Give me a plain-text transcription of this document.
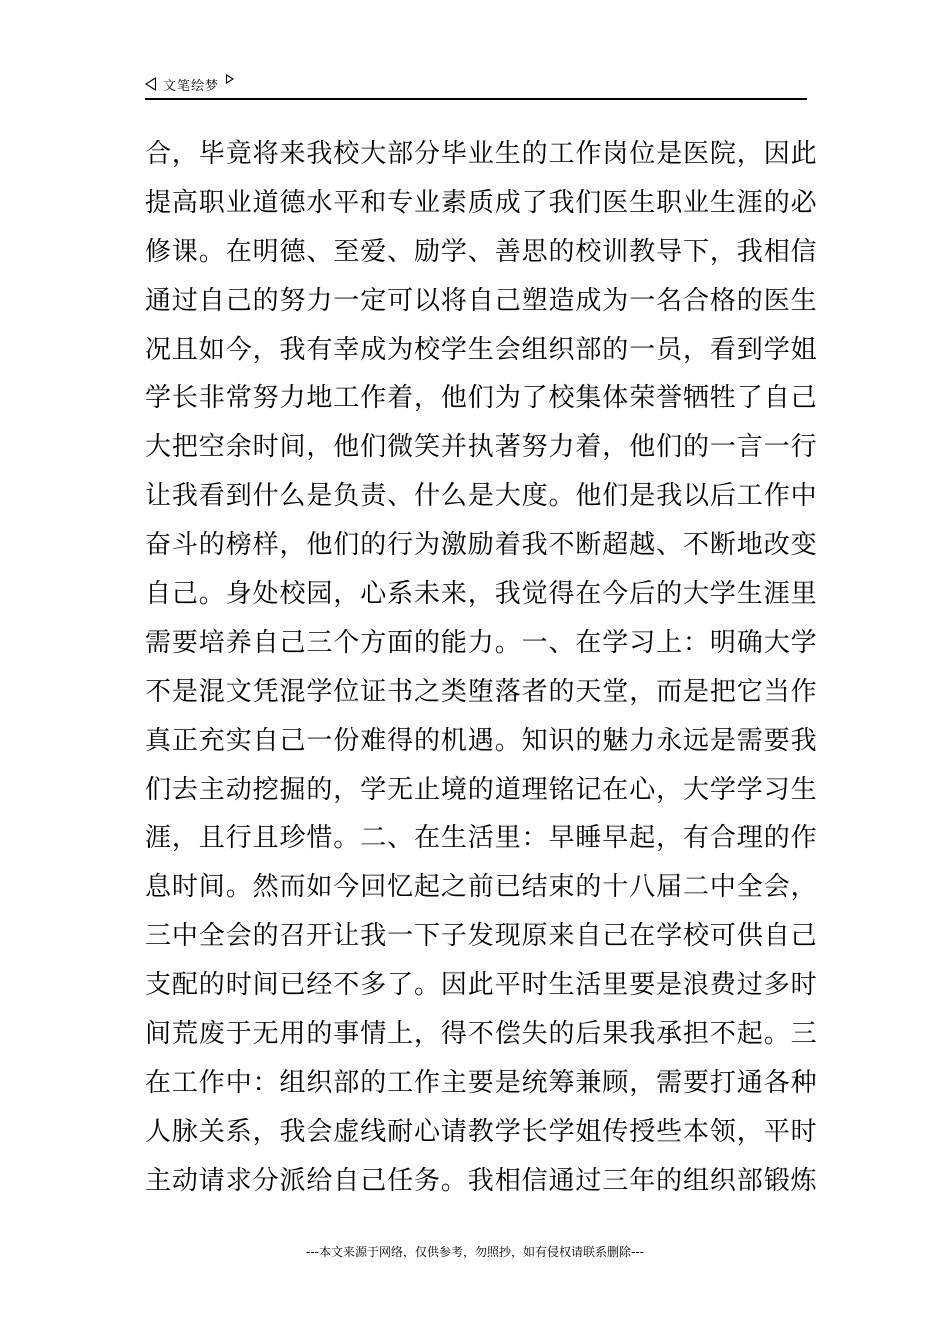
文笔绘梦
合，毕竟将来我校大部分毕业生的工作岗位是医院，因此
提高职业道德水平和专业素质成了我们医生职业生涯的必
修课。在明德、至爱、励学、善思的校训教导下，我相信
通过自己的努力一定可以将自己塑造成为一名合格的医生
况且如今，我有幸成为校学生会组织部的一员，看到学姐
学长非常努力地工作着，他们为了校集体荣誉牺牲了自己
大把空余时间，他们微笑并执著努力着，他们的一言一行
让我看到什么是负责、什么是大度。他们是我以后工作中
奋斗的榜样，他们的行为激励着我不断超越、不断地改变
自己。身处校园，心系未来，我觉得在今后的大学生涯里
需要培养自己三个方面的能力。一、在学习上：明确大学
不是混文凭混学位证书之类堕落者的天堂，而是把它当作
真正充实自己一份难得的机遇。知识的魅力永远是需要我
们去主动挖掘的，学无止境的道理铭记在心，大学学习生
涯，且行且珍惜。二、在生活里：早睡早起，有合理的作
息时间。然而如今回忆起之前已结束的十八届二中全会，
三中全会的召开让我一下子发现原来自己在学校可供自己
支配的时间已经不多了。因此平时生活里要是浪费过多时
间荒废于无用的事情上，得不偿失的后果我承担不起。三
在工作中：组织部的工作主要是统筹兼顾，需要打通各种
人脉关系，我会虚线耐心请教学长学姐传授些本领，平时
主动请求分派给自己任务。我相信通过三年的组织部锻炼
---本文来源于网络，仅供参考，勿照抄，如有侵权请联系删除---
